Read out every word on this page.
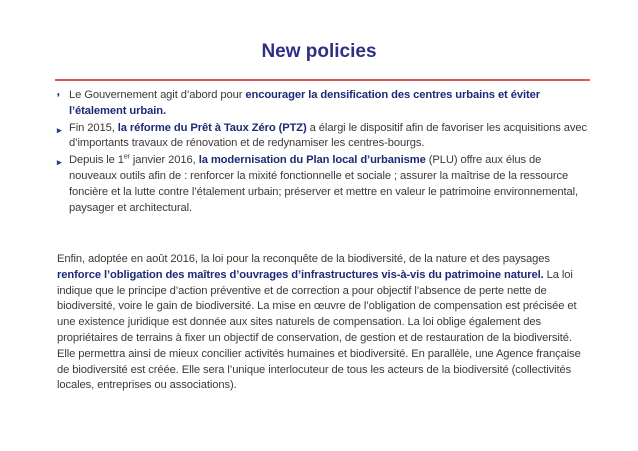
New policies
❜ Le Gouvernement agit d’abord pour encourager la densification des centres urbains et éviter l’étalement urbain.
▸ Fin 2015, la réforme du Prêt à Taux Zéro (PTZ) a élargi le dispositif afin de favoriser les acquisitions avec d’importants travaux de rénovation et de redynamiser les centres-bourgs.
▸ Depuis le 1er janvier 2016, la modernisation du Plan local d’urbanisme (PLU) offre aux élus de nouveaux outils afin de : renforcer la mixité fonctionnelle et sociale ; assurer la maîtrise de la ressource foncière et la lutte contre l’étalement urbain; préserver et mettre en valeur le patrimoine environnemental, paysager et architectural.
Enfin, adoptée en août 2016, la loi pour la reconquête de la biodiversité, de la nature et des paysages renforce l’obligation des maîtres d’ouvrages d’infrastructures vis-à-vis du patrimoine naturel. La loi indique que le principe d’action préventive et de correction a pour objectif l’absence de perte nette de biodiversité, voire le gain de biodiversité. La mise en œuvre de l’obligation de compensation est précisée et une existence juridique est donnée aux sites naturels de compensation. La loi oblige également des propriétaires de terrains à fixer un objectif de conservation, de gestion et de restauration de la biodiversité. Elle permettra ainsi de mieux concilier activités humaines et biodiversité. En parallèle, une Agence française de biodiversité est créée. Elle sera l’unique interlocuteur de tous les acteurs de la biodiversité (collectivités locales, entreprises ou associations).
